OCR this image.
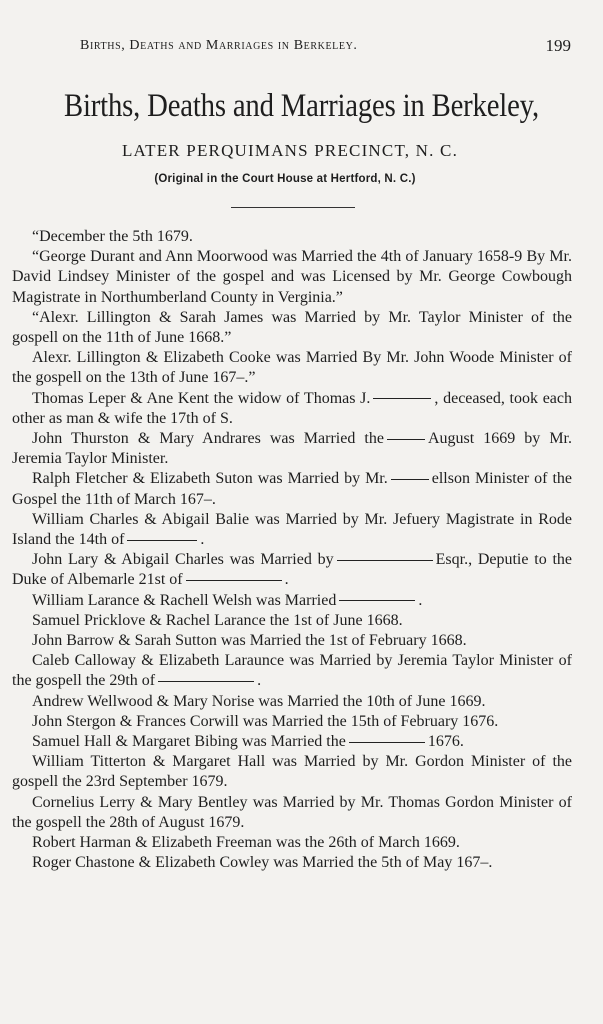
Births, Deaths and Marriages in Berkeley.	199
Births, Deaths and Marriages in Berkeley,
LATER PERQUIMANS PRECINCT, N. C.
(Original in the Court House at Hertford, N. C.)

“December the 5th 1679.

“George Durant and Ann Moorwood was Married the 4th of January 1658-9 By Mr. David Lindsey Minister of the gospel and was Licensed by Mr. George Cowbough Magistrate in Northumberland County in Verginia.”

“Alexr. Lillington & Sarah James was Married by Mr. Taylor Minister of the gospell on the 11th of June 1668.”

Alexr. Lillington & Elizabeth Cooke was Married By Mr. John Woode Minister of the gospell on the 13th of June 167–.”

Thomas Leper & Ane Kent the widow of Thomas J.	, deceased, took each other as man & wife the 17th of S.

John Thurston & Mary Andrares was Married the	August 1669 by Mr. Jeremia Taylor Minister.

Ralph Fletcher & Elizabeth Suton was Married by Mr.	ellson Minister of the Gospel the 11th of March 167–.

William Charles & Abigail Balie was Married by Mr. Jefuery Magistrate in Rode Island the 14th of	.

John Lary & Abigail Charles was Married by	Esqr., Deputie to the Duke of Albemarle 21st of	.

William Larance & Rachell Welsh was Married	.

Samuel Pricklove & Rachel Larance the 1st of June 1668.

John Barrow & Sarah Sutton was Married the 1st of February 1668.

Caleb Calloway & Elizabeth Laraunce was Married by Jeremia Taylor Minister of the gospell the 29th of	.

Andrew Wellwood & Mary Norise was Married the 10th of June 1669.

John Stergon & Frances Corwill was Married the 15th of February 1676.

Samuel Hall & Margaret Bibing was Married the	1676.

William Titterton & Margaret Hall was Married by Mr. Gordon Minister of the gospell the 23rd September 1679.

Cornelius Lerry & Mary Bentley was Married by Mr. Thomas Gordon Minister of the gospell the 28th of August 1679.

Robert Harman & Elizabeth Freeman was the 26th of March 1669.

Roger Chastone & Elizabeth Cowley was Married the 5th of May 167–.
